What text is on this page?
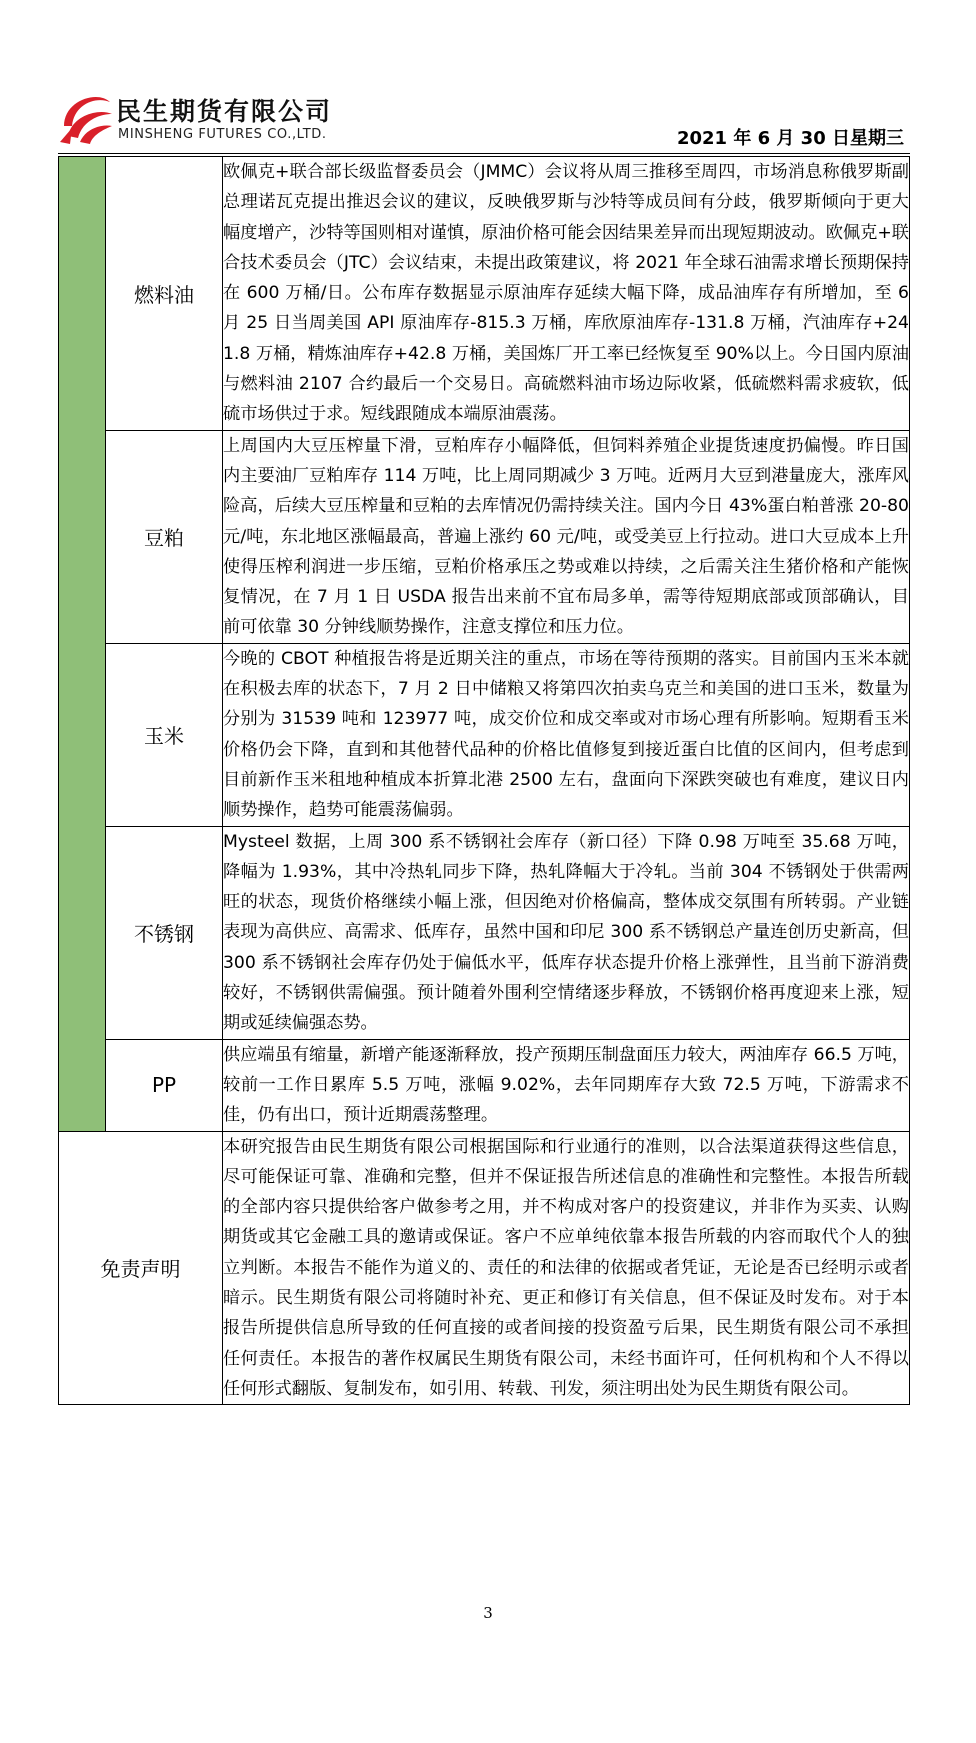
民生期货有限公司
MINSHENG FUTURES CO.,LTD.	2021 年 6 月 30 日星期三
	燃料油	欧佩克+联合部长级监督委员会（JMMC）会议将从周三推移至周四，市场消息称俄罗斯副总理诺瓦克提出推迟会议的建议，反映俄罗斯与沙特等成员间有分歧，俄罗斯倾向于更大幅度增产，沙特等国则相对谨慎，原油价格可能会因结果差异而出现短期波动。欧佩克+联合技术委员会（JTC）会议结束，未提出政策建议，将 2021 年全球石油需求增长预期保持在 600 万桶/日。公布库存数据显示原油库存延续大幅下降，成品油库存有所增加，至 6 月 25 日当周美国 API 原油库存-815.3 万桶，库欣原油库存-131.8 万桶，汽油库存+241.8 万桶，精炼油库存+42.8 万桶，美国炼厂开工率已经恢复至 90%以上。今日国内原油与燃料油 2107 合约最后一个交易日。高硫燃料油市场边际收紧，低硫燃料需求疲软，低硫市场供过于求。短线跟随成本端原油震荡。
	豆粕	上周国内大豆压榨量下滑，豆粕库存小幅降低，但饲料养殖企业提货速度扔偏慢。昨日国内主要油厂豆粕库存 114 万吨，比上周同期减少 3 万吨。近两月大豆到港量庞大，涨库风险高，后续大豆压榨量和豆粕的去库情况仍需持续关注。国内今日 43%蛋白粕普涨 20-80 元/吨，东北地区涨幅最高，普遍上涨约 60 元/吨，或受美豆上行拉动。进口大豆成本上升使得压榨利润进一步压缩，豆粕价格承压之势或难以持续，之后需关注生猪价格和产能恢复情况，在 7 月 1 日 USDA 报告出来前不宜布局多单，需等待短期底部或顶部确认，目前可依靠 30 分钟线顺势操作，注意支撑位和压力位。
	玉米	今晚的 CBOT 种植报告将是近期关注的重点，市场在等待预期的落实。目前国内玉米本就在积极去库的状态下，7 月 2 日中储粮又将第四次拍卖乌克兰和美国的进口玉米，数量为分别为 31539 吨和 123977 吨，成交价位和成交率或对市场心理有所影响。短期看玉米价格仍会下降，直到和其他替代品种的价格比值修复到接近蛋白比值的区间内，但考虑到目前新作玉米租地种植成本折算北港 2500 左右，盘面向下深跌突破也有难度，建议日内顺势操作，趋势可能震荡偏弱。
	不锈钢	Mysteel 数据，上周 300 系不锈钢社会库存（新口径）下降 0.98 万吨至 35.68 万吨，降幅为 1.93%，其中冷热轧同步下降，热轧降幅大于冷轧。当前 304 不锈钢处于供需两旺的状态，现货价格继续小幅上涨，但因绝对价格偏高，整体成交氛围有所转弱。产业链表现为高供应、高需求、低库存，虽然中国和印尼 300 系不锈钢总产量连创历史新高，但 300 系不锈钢社会库存仍处于偏低水平，低库存状态提升价格上涨弹性，且当前下游消费较好，不锈钢供需偏强。预计随着外围利空情绪逐步释放，不锈钢价格再度迎来上涨，短期或延续偏强态势。
	PP	供应端虽有缩量，新增产能逐渐释放，投产预期压制盘面压力较大，两油库存 66.5 万吨，较前一工作日累库 5.5 万吨，涨幅 9.02%，去年同期库存大致 72.5 万吨，下游需求不佳，仍有出口，预计近期震荡整理。
免责声明		本研究报告由民生期货有限公司根据国际和行业通行的准则，以合法渠道获得这些信息，尽可能保证可靠、准确和完整，但并不保证报告所述信息的准确性和完整性。本报告所载的全部内容只提供给客户做参考之用，并不构成对客户的投资建议，并非作为买卖、认购期货或其它金融工具的邀请或保证。客户不应单纯依靠本报告所载的内容而取代个人的独立判断。本报告不能作为道义的、责任的和法律的依据或者凭证，无论是否已经明示或者暗示。民生期货有限公司将随时补充、更正和修订有关信息，但不保证及时发布。对于本报告所提供信息所导致的任何直接的或者间接的投资盈亏后果，民生期货有限公司不承担任何责任。本报告的著作权属民生期货有限公司，未经书面许可，任何机构和个人不得以任何形式翻版、复制发布，如引用、转载、刊发，须注明出处为民生期货有限公司。
3
